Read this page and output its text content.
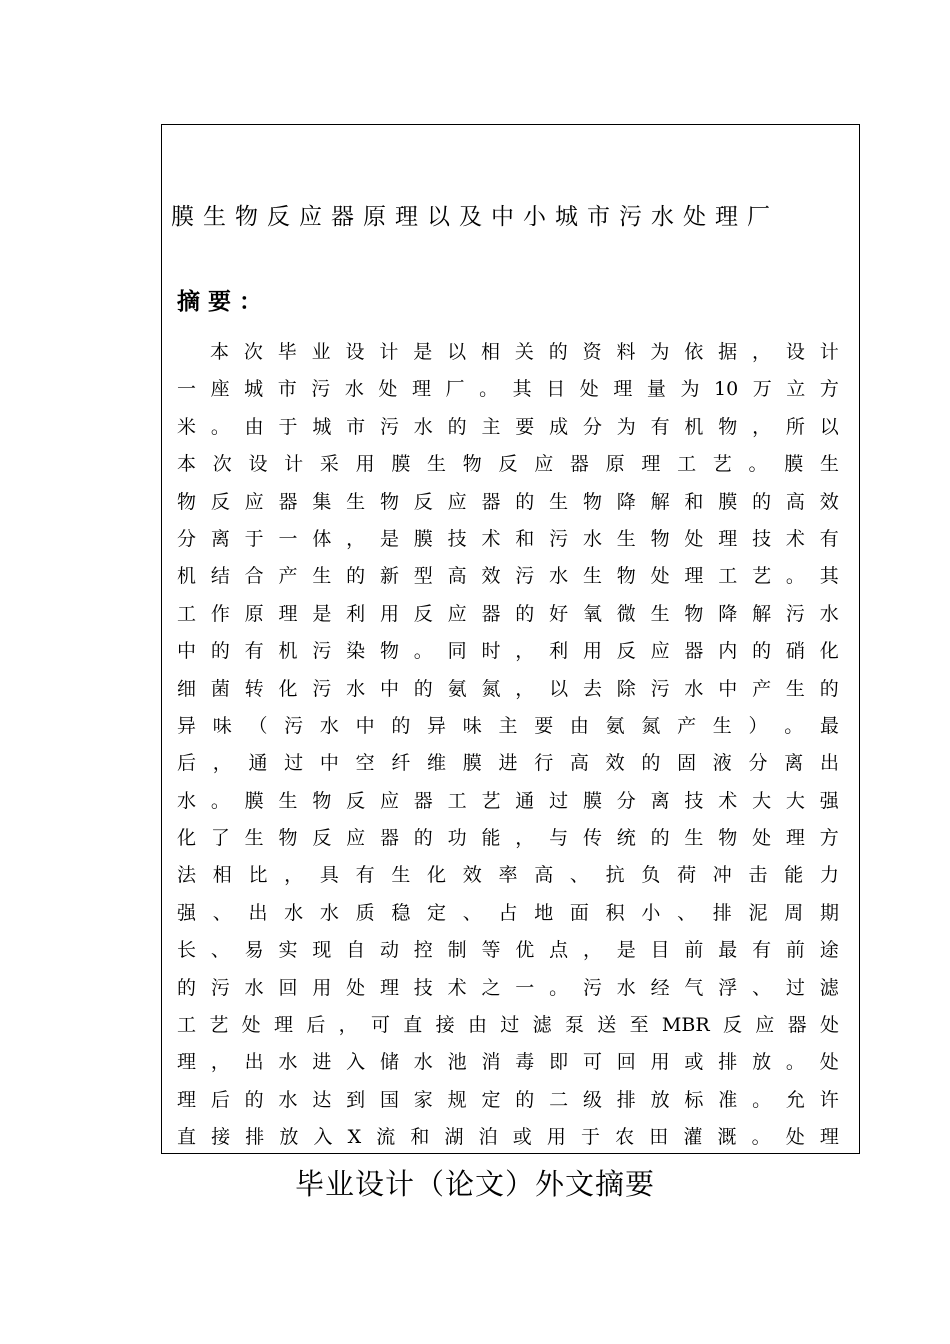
膜生物反应器原理以及中小城市污水处理厂
摘要：
本 次 毕 业 设 计 是 以 相 关 的 资 料 为 依 据 ， 设 计
一 座 城 市 污 水 处 理 厂 。 其 日 处 理 量 为 10 万 立 方
米 。 由 于 城 市 污 水 的 主 要 成 分 为 有 机 物 ， 所 以
本 次 设 计 采 用 膜 生 物 反 应 器 原 理 工 艺 。 膜 生
物 反 应 器 集 生 物 反 应 器 的 生 物 降 解 和 膜 的 高 效
分 离 于 一 体 ， 是 膜 技 术 和 污 水 生 物 处 理 技 术 有
机 结 合 产 生 的 新 型 高 效 污 水 生 物 处 理 工 艺 。 其
工 作 原 理 是 利 用 反 应 器 的 好 氧 微 生 物 降 解 污 水
中 的 有 机 污 染 物 。 同 时 ， 利 用 反 应 器 内 的 硝 化
细 菌 转 化 污 水 中 的 氨 氮 ， 以 去 除 污 水 中 产 生 的
异 味 （ 污 水 中 的 异 味 主 要 由 氨 氮 产 生 ） 。 最
后 ， 通 过 中 空 纤 维 膜 进 行 高 效 的 固 液 分 离 出
水 。 膜 生 物 反 应 器 工 艺 通 过 膜 分 离 技 术 大 大 强
化 了 生 物 反 应 器 的 功 能 ， 与 传 统 的 生 物 处 理 方
法 相 比 ， 具 有 生 化 效 率 高 、 抗 负 荷 冲 击 能 力
强 、 出 水 水 质 稳 定 、 占 地 面 积 小 、 排 泥 周 期
长 、 易 实 现 自 动 控 制 等 优 点 ， 是 目 前 最 有 前 途
的 污 水 回 用 处 理 技 术 之 一 。 污 水 经 气 浮 、 过 滤
工 艺 处 理 后 ， 可 直 接 由 过 滤 泵 送 至 MBR 反 应 器 处
理 ， 出 水 进 入 储 水 池 消 毒 即 可 回 用 或 排 放 。 处
理 后 的 水 达 到 国 家 规 定 的 二 级 排 放 标 准 。 允 许
直 接 排 放 入 X 流 和 湖 泊 或 用 于 农 田 灌 溉 。 处 理
毕业设计（论文）外文摘要
